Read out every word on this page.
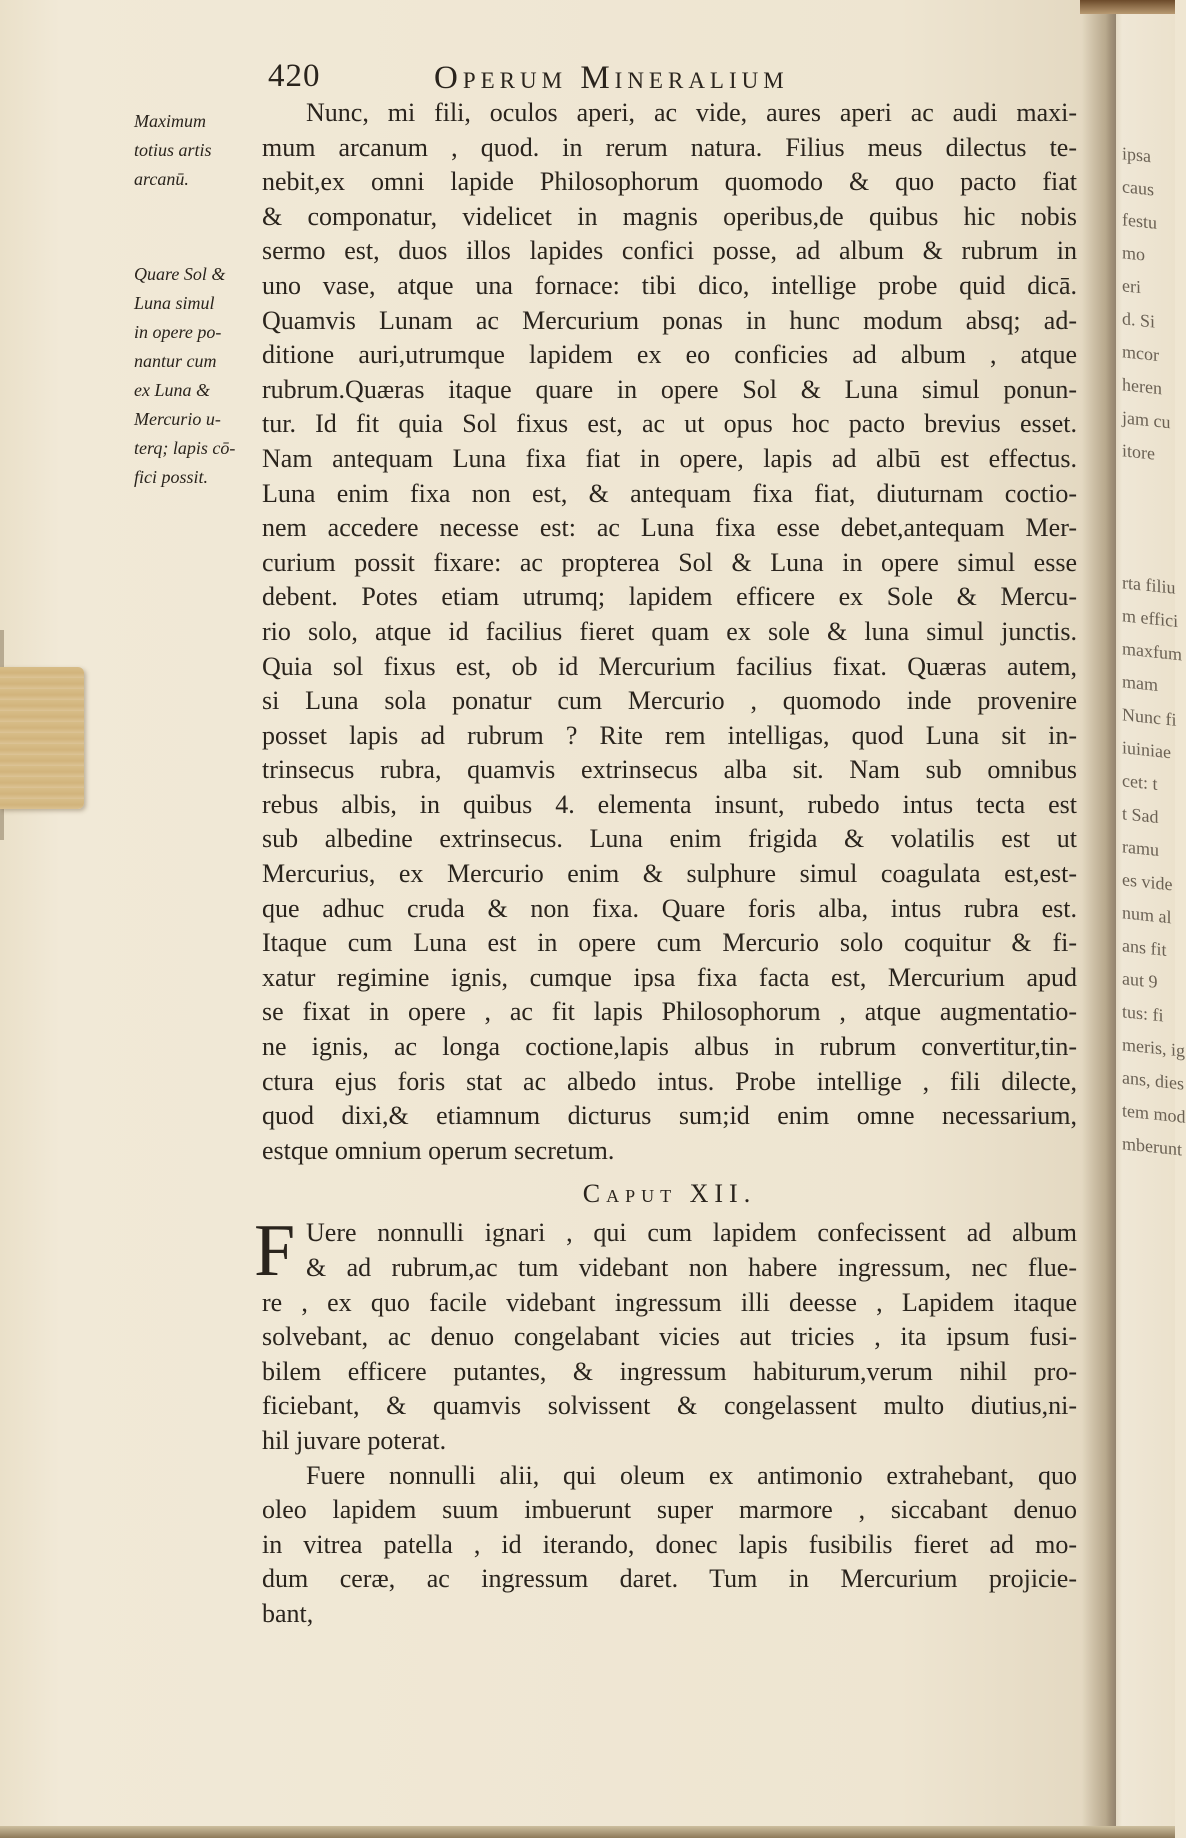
420	Operum Mineralium
Maximum
totius artis
arcanū.
Quare Sol &
Luna simul
in opere po-
nantur cum
ex Luna &
Mercurio u-
terq; lapis cō-
fici possit.
Nunc, mi fili, oculos aperi, ac vide, aures aperi ac audi maxi-
mum arcanum , quod. in rerum natura. Filius meus dilectus te-
nebit,ex omni lapide Philosophorum quomodo & quo pacto fiat
& componatur, videlicet in magnis operibus,de quibus hic nobis
sermo est, duos illos lapides confici posse, ad album & rubrum in
uno vase, atque una fornace: tibi dico, intellige probe quid dicā.
Quamvis Lunam ac Mercurium ponas in hunc modum absq; ad-
ditione auri,utrumque lapidem ex eo conficies ad album , atque
rubrum.Quæras itaque quare in opere Sol & Luna simul ponun-
tur. Id fit quia Sol fixus est, ac ut opus hoc pacto brevius esset.
Nam antequam Luna fixa fiat in opere, lapis ad albū est effectus.
Luna enim fixa non est, & antequam fixa fiat, diuturnam coctio-
nem accedere necesse est: ac Luna fixa esse debet,antequam Mer-
curium possit fixare: ac propterea Sol & Luna in opere simul esse
debent. Potes etiam utrumq; lapidem efficere ex Sole & Mercu-
rio solo, atque id facilius fieret quam ex sole & luna simul junctis.
Quia sol fixus est, ob id Mercurium facilius fixat. Quæras autem,
si Luna sola ponatur cum Mercurio , quomodo inde provenire
posset lapis ad rubrum ? Rite rem intelligas, quod Luna sit in-
trinsecus rubra, quamvis extrinsecus alba sit. Nam sub omnibus
rebus albis, in quibus 4. elementa insunt, rubedo intus tecta est
sub albedine extrinsecus. Luna enim frigida & volatilis est ut
Mercurius, ex Mercurio enim & sulphure simul coagulata est,est-
que adhuc cruda & non fixa. Quare foris alba, intus rubra est.
Itaque cum Luna est in opere cum Mercurio solo coquitur & fi-
xatur regimine ignis, cumque ipsa fixa facta est, Mercurium apud
se fixat in opere , ac fit lapis Philosophorum , atque augmentatio-
ne ignis, ac longa coctione,lapis albus in rubrum convertitur,tin-
ctura ejus foris stat ac albedo intus. Probe intellige , fili dilecte,
quod dixi,& etiamnum dicturus sum;id enim omne necessarium,
estque omnium operum secretum.
Caput XII.
F Uere nonnulli ignari , qui cum lapidem confecissent ad album
& ad rubrum,ac tum videbant non habere ingressum, nec flue-
re , ex quo facile videbant ingressum illi deesse , Lapidem itaque
solvebant, ac denuo congelabant vicies aut tricies , ita ipsum fusi-
bilem efficere putantes, & ingressum habiturum,verum nihil pro-
ficiebant, & quamvis solvissent & congelassent multo diutius,ni-
hil juvare poterat.
Fuere nonnulli alii, qui oleum ex antimonio extrahebant, quo
oleo lapidem suum imbuerunt super marmore , siccabant denuo
in vitrea patella , id iterando, donec lapis fusibilis fieret ad mo-
dum ceræ, ac ingressum daret. Tum in Mercurium projicie-
bant,
ipsa
caus
festu
mo
eri
d. Si
mcor
heren
jam cu
itore

rta filiu
m effici
maxfum
mam
Nunc fi
iuiniae
cet: t
t Sad
ramu
es vide
num al
ans fit
aut 9
tus: fi
meris, ig
ans, dies
tem mod
mberunt
